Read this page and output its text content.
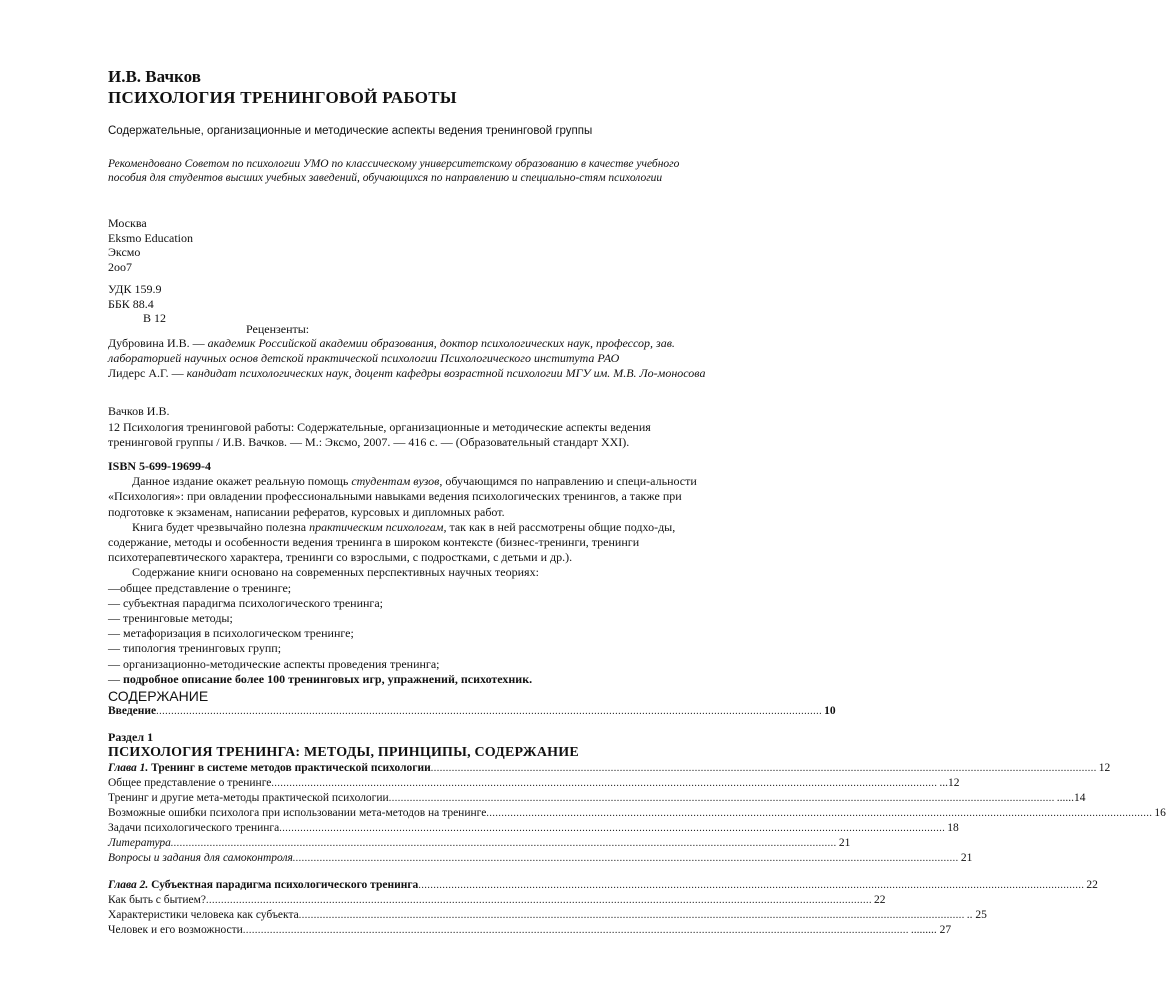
И.В. Вачков
ПСИХОЛОГИЯ ТРЕНИНГОВОЙ РАБОТЫ
Содержательные, организационные и методические аспекты ведения тренинговой группы
Рекомендовано Советом по психологии УМО по классическому университетскому образованию в качестве учебного пособия для студентов высших учебных заведений, обучающихся по направлению и специально-стям психологии

Москва

Eksmo Education

Эксмо

2oo7

УДК 159.9

ББК 88.4

В 12

Рецензенты:

Дубровина И.В. — академик Российской академии образования, доктор психологических наук, профессор, зав. лабораторией научных основ детской практической психологии Психологического института РАО

Лидерс А.Г. — кандидат психологических наук, доцент кафедры возрастной психологии МГУ им. М.В. Ло-моносова

Вачков И.В.

12 Психология тренинговой работы: Содержательные, организационные и методические аспекты ведения тренинговой группы / И.В. Вачков. — М.: Эксмо, 2007. — 416 с. — (Образовательный стандарт XXI).

ISBN 5-699-19699-4

Данное издание окажет реальную помощь студентам вузов, обучающимся по направлению и специ-альности «Психология»: при овладении профессиональными навыками ведения психологических тренингов, а также при подготовке к экзаменам, написании рефератов, курсовых и дипломных работ.

Книга будет чрезвычайно полезна практическим психологам, так как в ней рассмотрены общие подхо-ды, содержание, методы и особенности ведения тренинга в широком контексте (бизнес-тренинги, тренинги психотерапевтического характера, тренинги со взрослыми, с подростками, с детьми и др.).

Содержание книги основано на современных перспективных научных теориях:

—общее представление о тренинге;

— субъектная парадигма психологического тренинга;

— тренинговые методы;

— метафоризация в психологическом тренинге;

— типология тренинговых групп;

— организационно-методические аспекты проведения тренинга;

— подробное описание более 100 тренинговых игр, упражнений, психотехник.

СОДЕРЖАНИЕ
Введение .............................................................................................................................................................................................................................. 10
Раздел 1
ПСИХОЛОГИЯ ТРЕНИНГА: МЕТОДЫ, ПРИНЦИПЫ, СОДЕРЖАНИЕ
Глава 1. Тренинг в системе методов практической психологии .............................................................................................................................................................................................................................. 12
Общее представление о тренинге .............................................................................................................................................................................................................................. ...12
Тренинг и другие мета-методы практической психологии .............................................................................................................................................................................................................................. ......14
Возможные ошибки психолога при использовании мета-методов на тренинге .............................................................................................................................................................................................................................. 16
Задачи психологического тренинга .............................................................................................................................................................................................................................. 18
Литература .............................................................................................................................................................................................................................. 21
Вопросы и задания для самоконтроля .............................................................................................................................................................................................................................. 21
Глава 2. Субъектная парадигма психологического тренинга .............................................................................................................................................................................................................................. 22
Как быть с бытием? .............................................................................................................................................................................................................................. 22
Характеристики человека как субъекта .............................................................................................................................................................................................................................. .. 25
Человек и его возможности .............................................................................................................................................................................................................................. ......... 27
